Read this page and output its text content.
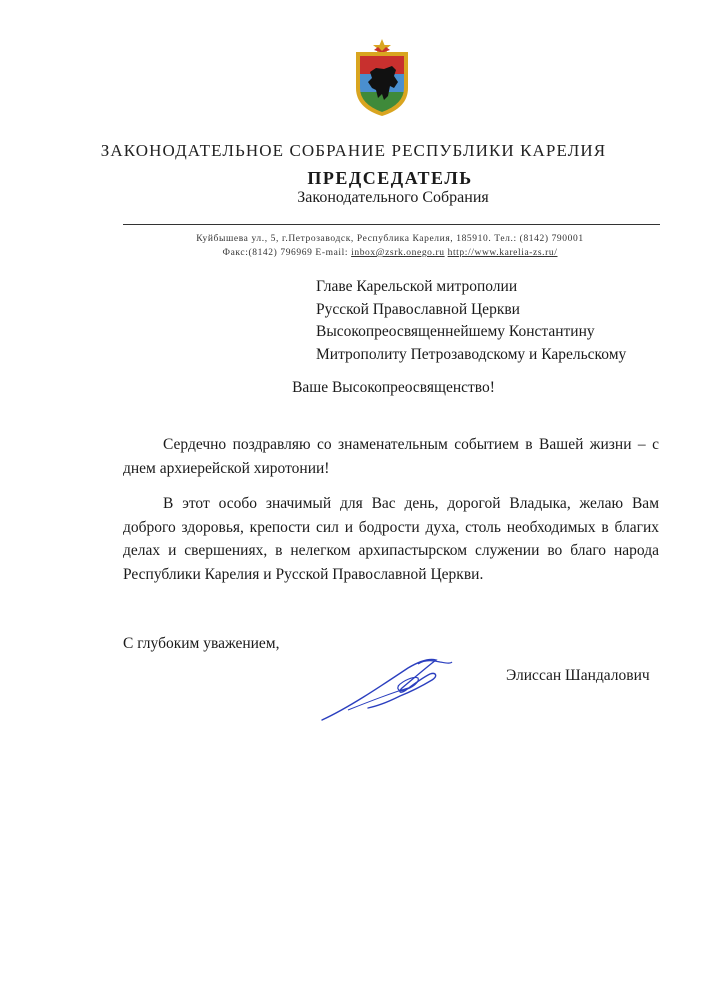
ЗАКОНОДАТЕЛЬНОЕ СОБРАНИЕ РЕСПУБЛИКИ КАРЕЛИЯ
ПРЕДСЕДАТЕЛЬ
Законодательного Собрания
Куйбышева ул., 5, г.Петрозаводск, Республика Карелия, 185910. Тел.: (8142) 790001
Факс:(8142) 796969 E-mail: inbox@zsrk.onego.ru http://www.karelia-zs.ru/
Главе Карельской митрополии
Русской Православной Церкви
Высокопреосвященнейшему Константину
Митрополиту Петрозаводскому и Карельскому
Ваше Высокопреосвященство!

Сердечно поздравляю со знаменательным событием в Вашей жизни – с днем архиерейской хиротонии!

В этот особо значимый для Вас день, дорогой Владыка, желаю Вам доброго здоровья, крепости сил и бодрости духа, столь необходимых в благих делах и свершениях, в нелегком архипастырском служении во благо народа Республики Карелия и Русской Православной Церкви.

С глубоким уважением,
Элиссан Шандалович
